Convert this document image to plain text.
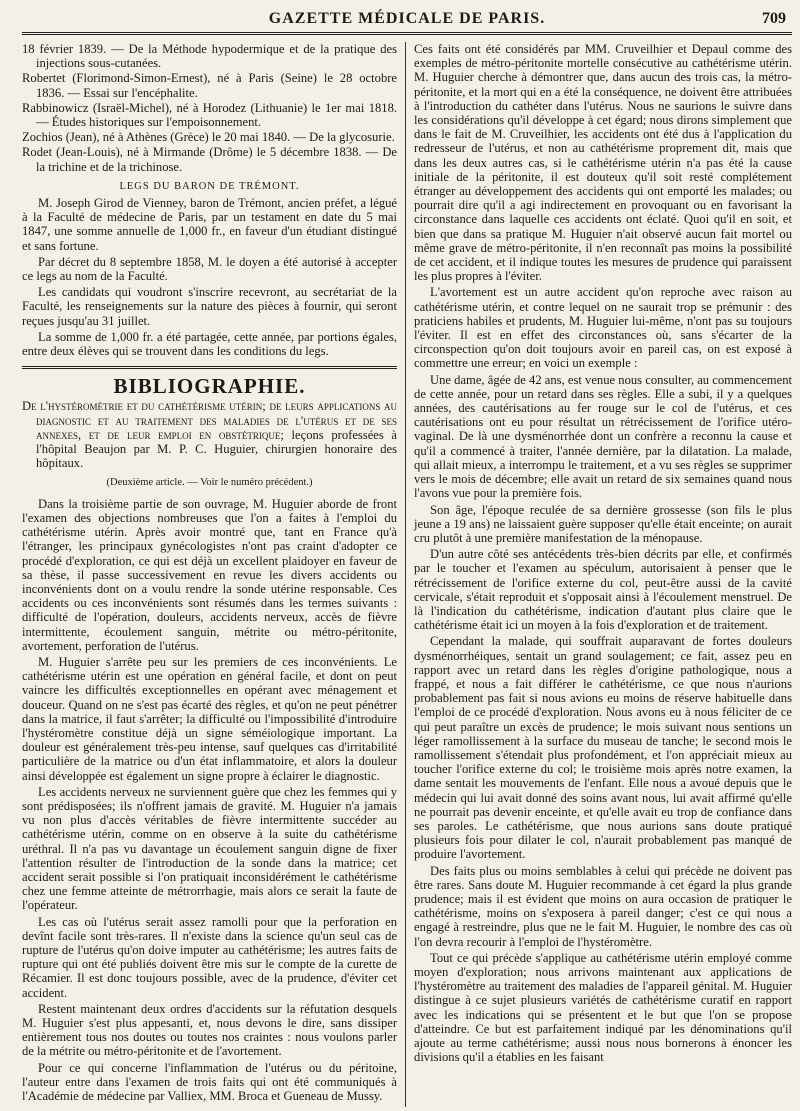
GAZETTE MÉDICALE DE PARIS.	709
18 février 1839. — De la Méthode hypodermique et de la pratique des injections sous-cutanées.
Robertet (Florimond-Simon-Ernest), né à Paris (Seine) le 28 octobre 1836. — Essai sur l'encéphalite.
Rabbinowicz (Israël-Michel), né à Horodez (Lithuanie) le 1er mai 1818. — Études historiques sur l'empoisonnement.
Zochios (Jean), né à Athènes (Grèce) le 20 mai 1840. — De la glycosurie.
Rodet (Jean-Louis), né à Mirmande (Drôme) le 5 décembre 1838. — De la trichine et de la trichinose.
LEGS DU BARON DE TRÉMONT.

M. Joseph Girod de Vienney, baron de Trémont, ancien préfet, a légué à la Faculté de médecine de Paris, par un testament en date du 5 mai 1847, une somme annuelle de 1,000 fr., en faveur d'un étudiant distingué et sans fortune.

Par décret du 8 septembre 1858, M. le doyen a été autorisé à accepter ce legs au nom de la Faculté.

Les candidats qui voudront s'inscrire recevront, au secrétariat de la Faculté, les renseignements sur la nature des pièces à fournir, qui seront reçues jusqu'au 31 juillet.

La somme de 1,000 fr. a été partagée, cette année, par portions égales, entre deux élèves qui se trouvent dans les conditions du legs.

BIBLIOGRAPHIE.

De l'hystéromètrie et du cathétérisme utérin; de leurs applications au diagnostic et au traitement des maladies de l'utérus et de ses annexes, et de leur emploi en obstétrique; leçons professées à l'hôpital Beaujon par M. P. C. Huguier, chirurgien honoraire des hôpitaux.

(Deuxième article. — Voir le numéro précédent.)

Dans la troisième partie de son ouvrage, M. Huguier aborde de front l'examen des objections nombreuses que l'on a faites à l'emploi du cathétérisme utérin. Après avoir montré que, tant en France qu'à l'étranger, les principaux gynécologistes n'ont pas craint d'adopter ce procédé d'exploration, ce qui est déjà un excellent plaidoyer en faveur de sa thèse, il passe successivement en revue les divers accidents ou inconvénients dont on a voulu rendre la sonde utérine responsable. Ces accidents ou ces inconvénients sont résumés dans les termes suivants : difficulté de l'opération, douleurs, accidents nerveux, accès de fièvre intermittente, écoulement sanguin, métrite ou métro-péritonite, avortement, perforation de l'utérus.

M. Huguier s'arrête peu sur les premiers de ces inconvénients. Le cathétérisme utérin est une opération en général facile, et dont on peut vaincre les difficultés exceptionnelles en opérant avec ménagement et douceur. Quand on ne s'est pas écarté des règles, et qu'on ne peut pénétrer dans la matrice, il faut s'arrêter; la difficulté ou l'impossibilité d'introduire l'hystéromètre constitue déjà un signe séméiologique important. La douleur est généralement très-peu intense, sauf quelques cas d'irritabilité particulière de la matrice ou d'un état inflammatoire, et alors la douleur ainsi développée est également un signe propre à éclairer le diagnostic.

Les accidents nerveux ne surviennent guère que chez les femmes qui y sont prédisposées; ils n'offrent jamais de gravité. M. Huguier n'a jamais vu non plus d'accès véritables de fièvre intermittente succéder au cathétérisme utérin, comme on en observe à la suite du cathétérisme uréthral. Il n'a pas vu davantage un écoulement sanguin digne de fixer l'attention résulter de l'introduction de la sonde dans la matrice; cet accident serait possible si l'on pratiquait inconsidérément le cathétérisme chez une femme atteinte de métrorrhagie, mais alors ce serait la faute de l'opérateur.

Les cas où l'utérus serait assez ramolli pour que la perforation en devînt facile sont très-rares. Il n'existe dans la science qu'un seul cas de rupture de l'utérus qu'on doive imputer au cathétérisme; les autres faits de rupture qui ont été publiés doivent être mis sur le compte de la curette de Récamier. Il est donc toujours possible, avec de la prudence, d'éviter cet accident.

Restent maintenant deux ordres d'accidents sur la réfutation desquels M. Huguier s'est plus appesanti, et, nous devons le dire, sans dissiper entièrement tous nos doutes ou toutes nos craintes : nous voulons parler de la métrite ou métro-péritonite et de l'avortement.

Pour ce qui concerne l'inflammation de l'utérus ou du péritoine, l'auteur entre dans l'examen de trois faits qui ont été communiqués à l'Académie de médecine par Valliex, MM. Broca et Gueneau de Mussy.

Ces faits ont été considérés par MM. Cruveilhier et Depaul comme des exemples de métro-péritonite mortelle consécutive au cathétérisme utérin. M. Huguier cherche à démontrer que, dans aucun des trois cas, la métro-péritonite, et la mort qui en a été la conséquence, ne doivent être attribuées à l'introduction du cathéter dans l'utérus. Nous ne saurions le suivre dans les considérations qu'il développe à cet égard; nous dirons simplement que dans le fait de M. Cruveilhier, les accidents ont été dus à l'application du redresseur de l'utérus, et non au cathétérisme proprement dit, mais que dans les deux autres cas, si le cathétérisme utérin n'a pas été la cause initiale de la péritonite, il est douteux qu'il soit resté complétement étranger au développement des accidents qui ont emporté les malades; ou pourrait dire qu'il a agi indirectement en provoquant ou en favorisant la circonstance dans laquelle ces accidents ont éclaté. Quoi qu'il en soit, et bien que dans sa pratique M. Huguier n'ait observé aucun fait mortel ou même grave de métro-péritonite, il n'en reconnaît pas moins la possibilité de cet accident, et il indique toutes les mesures de prudence qui paraissent les plus propres à l'éviter.

L'avortement est un autre accident qu'on reproche avec raison au cathétérisme utérin, et contre lequel on ne saurait trop se prémunir : des praticiens habiles et prudents, M. Huguier lui-même, n'ont pas su toujours l'éviter. Il est en effet des circonstances où, sans s'écarter de la circonspection qu'on doit toujours avoir en pareil cas, on est exposé à commettre une erreur; en voici un exemple :

Une dame, âgée de 42 ans, est venue nous consulter, au commencement de cette année, pour un retard dans ses règles. Elle a subi, il y a quelques années, des cautérisations au fer rouge sur le col de l'utérus, et ces cautérisations ont eu pour résultat un rétrécissement de l'orifice utéro-vaginal. De là une dysménorrhée dont un confrère a reconnu la cause et qu'il a commencé à traiter, l'année dernière, par la dilatation. La malade, qui allait mieux, a interrompu le traitement, et a vu ses règles se supprimer vers le mois de décembre; elle avait un retard de six semaines quand nous l'avons vue pour la première fois.

Son âge, l'époque reculée de sa dernière grossesse (son fils le plus jeune a 19 ans) ne laissaient guère supposer qu'elle était enceinte; on aurait cru plutôt à une première manifestation de la ménopause.

D'un autre côté ses antécédents très-bien décrits par elle, et confirmés par le toucher et l'examen au spéculum, autorisaient à penser que le rétrécissement de l'orifice externe du col, peut-être aussi de la cavité cervicale, s'était reproduit et s'opposait ainsi à l'écoulement menstruel. De là l'indication du cathétérisme, indication d'autant plus claire que le cathétérisme était ici un moyen à la fois d'exploration et de traitement.

Cependant la malade, qui souffrait auparavant de fortes douleurs dysménorrhéiques, sentait un grand soulagement; ce fait, assez peu en rapport avec un retard dans les règles d'origine pathologique, nous a frappé, et nous a fait différer le cathétérisme, ce que nous n'aurions probablement pas fait si nous avions eu moins de réserve habituelle dans l'emploi de ce procédé d'exploration. Nous avons eu à nous féliciter de ce qui peut paraître un excès de prudence; le mois suivant nous sentions un léger ramollissement à la surface du museau de tanche; le second mois le ramollissement s'étendait plus profondément, et l'on appréciait mieux au toucher l'orifice externe du col; le troisième mois après notre examen, la dame sentait les mouvements de l'enfant. Elle nous a avoué depuis que le médecin qui lui avait donné des soins avant nous, lui avait affirmé qu'elle ne pourrait pas devenir enceinte, et qu'elle avait eu trop de confiance dans ses paroles. Le cathétérisme, que nous aurions sans doute pratiqué plusieurs fois pour dilater le col, n'aurait probablement pas manqué de produire l'avortement.

Des faits plus ou moins semblables à celui qui précède ne doivent pas être rares. Sans doute M. Huguier recommande à cet égard la plus grande prudence; mais il est évident que moins on aura occasion de pratiquer le cathétérisme, moins on s'exposera à pareil danger; c'est ce qui nous a engagé à restreindre, plus que ne le fait M. Huguier, le nombre des cas où l'on devra recourir à l'emploi de l'hystéromètre.

Tout ce qui précède s'applique au cathétérisme utérin employé comme moyen d'exploration; nous arrivons maintenant aux applications de l'hystéromètre au traitement des maladies de l'appareil génital. M. Huguier distingue à ce sujet plusieurs variétés de cathétérisme curatif en rapport avec les indications qui se présentent et le but que l'on se propose d'atteindre. Ce but est parfaitement indiqué par les dénominations qu'il ajoute au terme cathétérisme; aussi nous nous bornerons à énoncer les divisions qu'il a établies en les faisant
